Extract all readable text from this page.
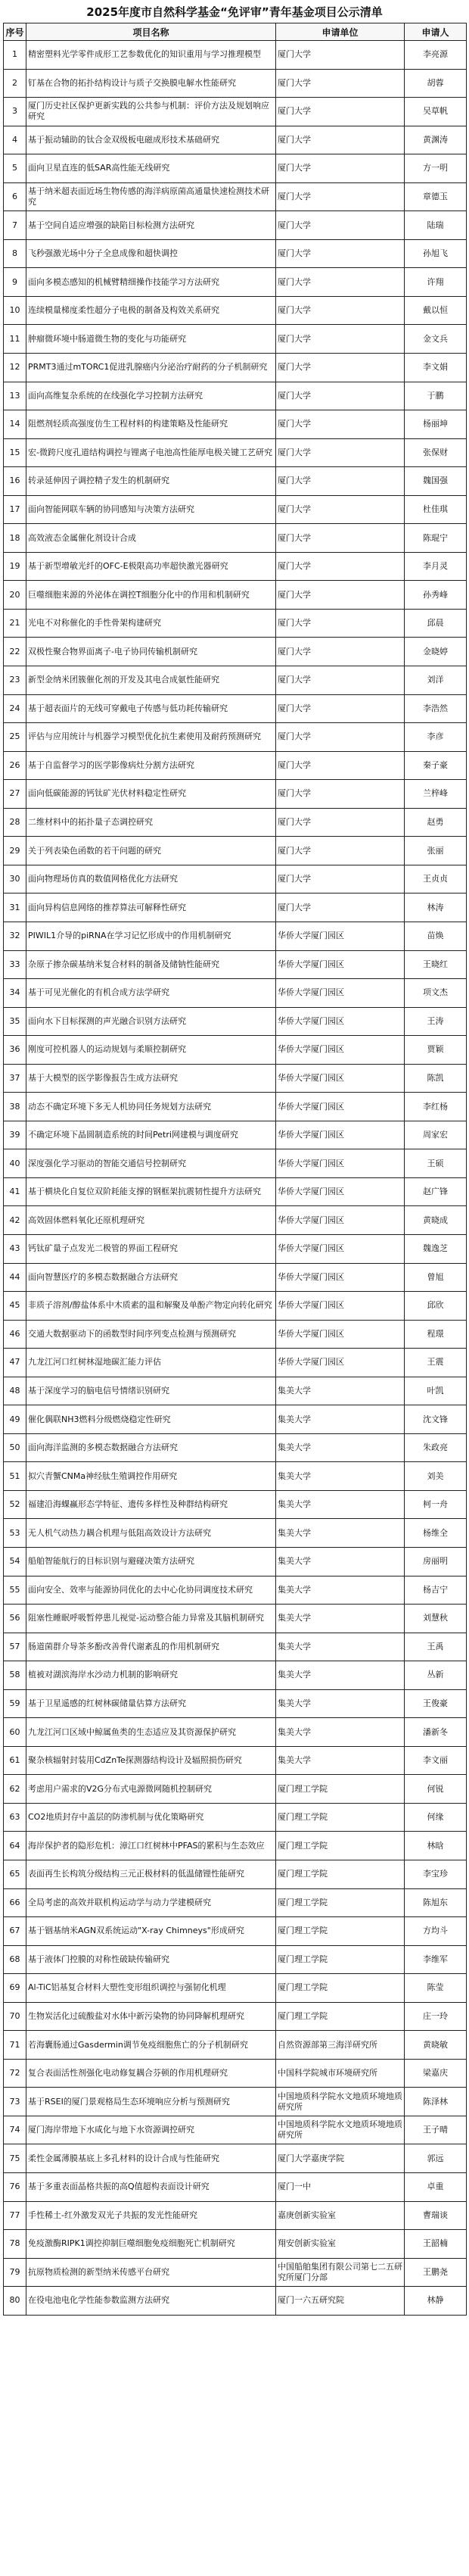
2025年度市自然科学基金“免评审”青年基金项目公示清单
序号	项目名称	申请单位	申请人
1	精密塑料光学零件成形工艺参数优化的知识重用与学习推理模型	厦门大学	李亮源
2	钉基在合物的拓扑结构设计与质子交换膜电解水性能研究	厦门大学	胡蓉
3	厦门历史社区保护更新实践的公共参与机制：评价方法及规划响应研究	厦门大学	吴草帆
4	基于振动辅助的钛合金双级板电磁成形技术基础研究	厦门大学	黄渊涛
5	面向卫星直连的低SAR高性能无线研究	厦门大学	方一明
6	基于纳米超表面近场生物传感的海洋病原菌高通量快速检测技术研究	厦门大学	章德玉
7	基于空间自适应增强的缺陷目标检测方法研究	厦门大学	陆瑞
8	飞秒强激光场中分子全息成像和超快调控	厦门大学	孙旭飞
9	面向多模态感知的机械臂精细操作技能学习方法研究	厦门大学	许翔
10	连续模量梯度柔性超分子电极的制备及构效关系研究	厦门大学	戴以恒
11	肿瘤微环境中肠道微生物的变化与功能研究	厦门大学	金文兵
12	PRMT3通过mTORC1促进乳腺癌内分泌治疗耐药的分子机制研究	厦门大学	李文娟
13	面向高维复杂系统的在线强化学习控制方法研究	厦门大学	于鹏
14	阻燃剂轻质高强度仿生工程材料的构建策略及性能研究	厦门大学	杨丽坤
15	宏-微跨尺度孔道结构调控与锂离子电池高性能厚电极关键工艺研究	厦门大学	张保财
16	转录延伸因子调控精子发生的机制研究	厦门大学	魏国强
17	面向智能网联车辆的协同感知与决策方法研究	厦门大学	杜佳琪
18	高效液态金属催化剂设计合成	厦门大学	陈琨宁
19	基于新型增敏光纤的OFC-E极限高功率超快激光器研究	厦门大学	李月灵
20	巨噬细胞来源的外泌体在调控T细胞分化中的作用和机制研究	厦门大学	孙秀峰
21	光电不对称催化的手性骨架构建研究	厦门大学	邱晨
22	双极性聚合物界面离子-电子协同传输机制研究	厦门大学	金晓婷
23	新型金纳米团簇催化剂的开发及其电合成氨性能研究	厦门大学	刘洋
24	基于超表面片的无线可穿戴电子传感与低功耗传输研究	厦门大学	李浩然
25	评估与应用统计与机器学习模型优化抗生素使用及耐药预测研究	厦门大学	李彦
26	基于自监督学习的医学影像病灶分割方法研究	厦门大学	秦子豪
27	面向低碳能源的钙钛矿光伏材料稳定性研究	厦门大学	兰梓峰
28	二维材料中的拓扑量子态调控研究	厦门大学	赵勇
29	关于列表染色函数的若干问题的研究	厦门大学	张丽
30	面向物理场仿真的数值网格优化方法研究	厦门大学	王贞贞
31	面向异构信息网络的推荐算法可解释性研究	厦门大学	林涛
32	PIWIL1介导的piRNA在学习记忆形成中的作用机制研究	华侨大学厦门园区	苗焕
33	杂原子掺杂碳基纳米复合材料的制备及储钠性能研究	华侨大学厦门园区	王晓红
34	基于可见光催化的有机合成方法学研究	华侨大学厦门园区	项文杰
35	面向水下目标探测的声光融合识别方法研究	华侨大学厦门园区	王涛
36	刚度可控机器人的运动规划与柔顺控制研究	华侨大学厦门园区	贾颖
37	基于大模型的医学影像报告生成方法研究	华侨大学厦门园区	陈凯
38	动态不确定环境下多无人机协同任务规划方法研究	华侨大学厦门园区	李红杨
39	不确定环境下晶圆制造系统的时间Petri网建模与调度研究	华侨大学厦门园区	周家宏
40	深度强化学习驱动的智能交通信号控制研究	华侨大学厦门园区	王硕
41	基于横块化自复位双阶耗能支撑的钢框架抗震韧性提升方法研究	华侨大学厦门园区	赵广锋
42	高效固体燃料氧化还原机理研究	华侨大学厦门园区	黄晓成
43	钙钛矿量子点发光二极管的界面工程研究	华侨大学厦门园区	魏逸芝
44	面向智慧医疗的多模态数据融合方法研究	华侨大学厦门园区	曾旭
45	非质子溶剂/醇盐体系中木质素的温和解聚及单酚产物定向转化研究	华侨大学厦门园区	邱欣
46	交通大数据驱动下的函数型时间序列变点检测与预测研究	华侨大学厦门园区	程璟
47	九龙江河口红树林湿地碳汇能力评估	华侨大学厦门园区	王震
48	基于深度学习的脑电信号情绪识别研究	集美大学	叶凯
49	催化偶联NH3燃料分级燃烧稳定性研究	集美大学	沈文锋
50	面向海洋监测的多模态数据融合方法研究	集美大学	朱政亮
51	拟穴青蟹CNMa神经肽生殖调控作用研究	集美大学	刘美
52	福建沿海蜾蠃形态学特征、遗传多样性及种群结构研究	集美大学	柯一舟
53	无人机气动热力耦合机理与低阻高效设计方法研究	集美大学	杨维全
54	船舶智能航行的目标识别与避碰决策方法研究	集美大学	房丽明
55	面向安全、效率与能源协同优化的去中心化协同调度技术研究	集美大学	杨吉宁
56	阻塞性睡眠呼吸暂停患儿视觉-运动整合能力异常及其脑机制研究	集美大学	刘慧秋
57	肠道菌群介导茶多酚改善骨代谢紊乱的作用机制研究	集美大学	王禹
58	植被对湖滨海岸水沙动力机制的影响研究	集美大学	丛新
59	基于卫星遥感的红树林碳储量估算方法研究	集美大学	王俊豪
60	九龙江河口区域中鲸属鱼类的生态适应及其资源保护研究	集美大学	潘新冬
61	聚杂核辐射封装用CdZnTe探测器结构设计及辐照损伤研究	集美大学	李文丽
62	考虑用户需求的V2G分布式电源微网随机控制研究	厦门理工学院	何锐
63	CO2地质封存中盖层的防渗机制与优化策略研究	厦门理工学院	何缘
64	海岸保护者的隐形危机：漳江口红树林中PFAS的累积与生态效应	厦门理工学院	林晗
65	表面再生长构筑分级结构三元正极材料的低温储锂性能研究	厦门理工学院	李宝珍
66	全局考虑的高效并联机构运动学与动力学建模研究	厦门理工学院	陈旭东
67	基于铟基纳米AGN双系统运动"X-ray Chimneys"形成研究	厦门理工学院	方均斗
68	基于液体门控膜的对称性破缺传输研究	厦门理工学院	李维军
69	Al-TiC铝基复合材料大塑性变形组织调控与强韧化机理	厦门理工学院	陈莹
70	生物炭活化过硫酸盐对水体中新污染物的协同降解机理研究	厦门理工学院	庄一玲
71	若海囊肠通过Gasdermin调节免疫细胞焦亡的分子机制研究	自然资源部第三海洋研究所	黄晓敏
72	复合表面活性剂强化电动修复耦合芬顿的作用机理研究	中国科学院城市环境研究所	梁嘉庆
73	基于RSEI的厦门景观格局生态环境响应分析与预测研究	中国地质科学院水文地质环境地质研究所	陈泽林
74	厦门海岸带地下水咸化与地下水资源调控研究	中国地质科学院水文地质环境地质研究所	王子晴
75	柔性金属薄膜基底上多孔材料的设计合成与性能研究	厦门大学嘉庚学院	郭远
76	基于多重表面晶格共振的高Q值超构表面设计研究	厦门一中	卓重
77	手性稀土-红外激发双光子共振的发光性能研究	嘉庚创新实验室	曹瑞谈
78	免疫激酶RIPK1调控抑制巨噬细胞免疫细胞死亡机制研究	翔安创新实验室	王韶楠
79	抗原物质检测的新型纳米传感平台研究	中国船舶集团有限公司第七二五研究所厦门分部	王鹏尧
80	在役电池电化学性能参数监测方法研究	厦门一六五研究院	林静
